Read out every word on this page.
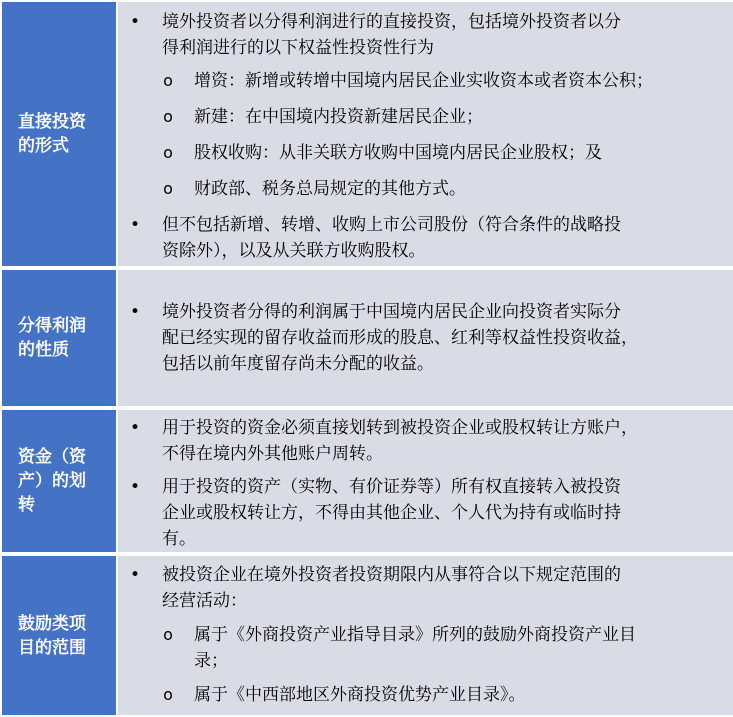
直接投资
的形式
• 境外投资者以分得利润进行的直接投资，包括境外投资者以分
得利润进行的以下权益性投资性行为
o 增资：新增或转增中国境内居民企业实收资本或者资本公积；
o 新建：在中国境内投资新建居民企业；
o 股权收购：从非关联方收购中国境内居民企业股权；及
o 财政部、税务总局规定的其他方式。
• 但不包括新增、转增、收购上市公司股份（符合条件的战略投
资除外），以及从关联方收购股权。
分得利润
的性质
• 境外投资者分得的利润属于中国境内居民企业向投资者实际分
配已经实现的留存收益而形成的股息、红利等权益性投资收益，
包括以前年度留存尚未分配的收益。
资金（资
产）的划
转
• 用于投资的资金必须直接划转到被投资企业或股权转让方账户，
不得在境内外其他账户周转。
• 用于投资的资产（实物、有价证券等）所有权直接转入被投资
企业或股权转让方，不得由其他企业、个人代为持有或临时持
有。
鼓励类项
目的范围
• 被投资企业在境外投资者投资期限内从事符合以下规定范围的
经营活动：
o 属于《外商投资产业指导目录》所列的鼓励外商投资产业目
录；
o 属于《中西部地区外商投资优势产业目录》。
